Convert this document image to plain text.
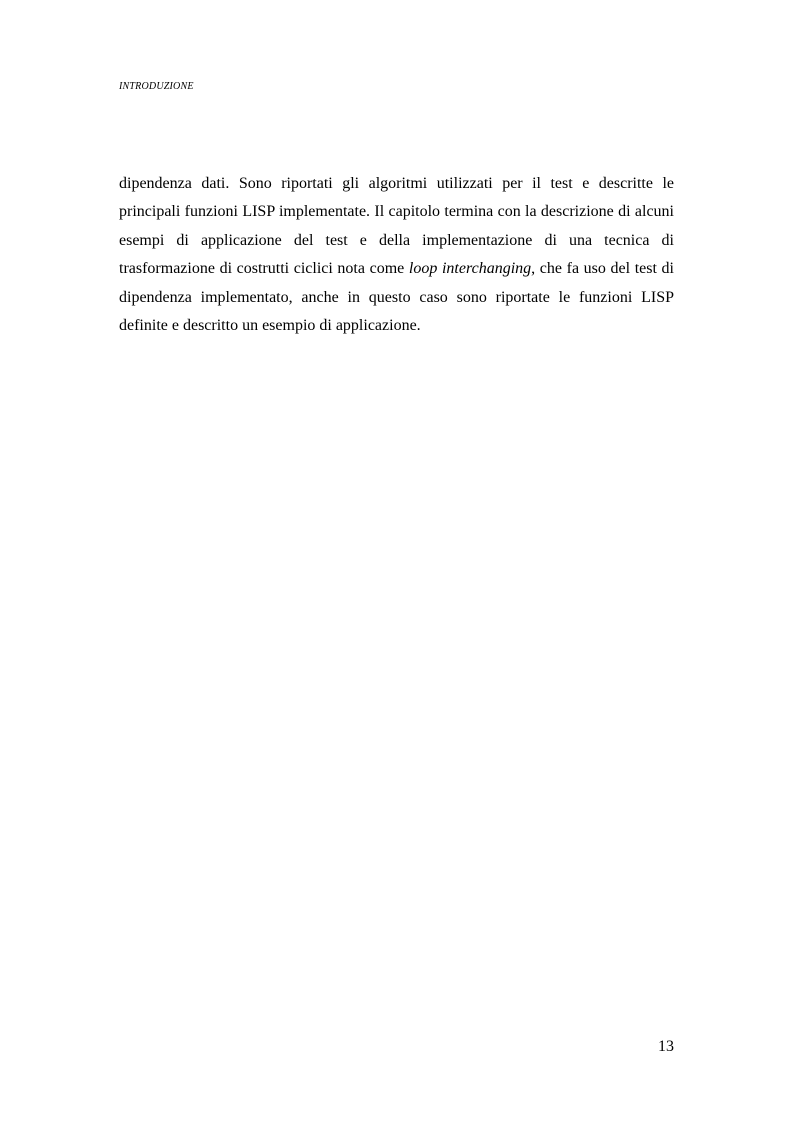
INTRODUZIONE
dipendenza dati. Sono riportati gli algoritmi utilizzati per il test e descritte le
principali funzioni LISP implementate. Il capitolo termina con la descrizione di alcuni
esempi di applicazione del test e della implementazione di una tecnica di
trasformazione di costrutti ciclici nota come loop interchanging, che fa uso del test di
dipendenza implementato, anche in questo caso sono riportate le funzioni LISP
definite e descritto un esempio di applicazione.
13
